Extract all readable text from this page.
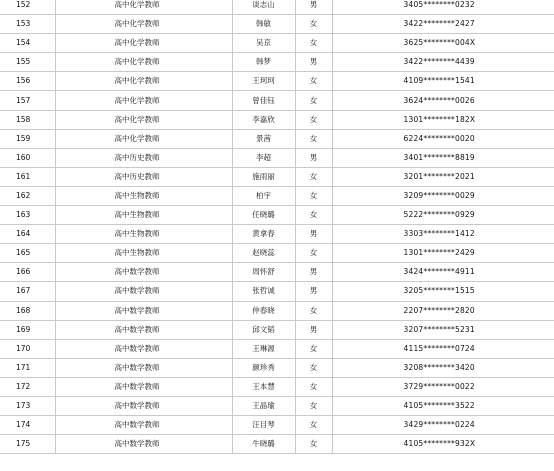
152	高中化学教师	谈志山	男	3405********0232
153	高中化学教师	韩敏	女	3422********2427
154	高中化学教师	吴京	女	3625********004X
155	高中化学教师	韩梦	男	3422********4439
156	高中化学教师	王珂珂	女	4109********1541
157	高中化学教师	曾佳钰	女	3624********0026
158	高中化学教师	李嘉欣	女	1301********182X
159	高中化学教师	景茜	女	6224********0020
160	高中历史教师	李超	男	3401********8819
161	高中历史教师	施雨丽	女	3201********2021
162	高中生物教师	柏宇	女	3209********0029
163	高中生物教师	任晓璐	女	5222********0929
164	高中生物教师	黄拿春	男	3303********1412
165	高中生物教师	赵晓蕊	女	1301********2429
166	高中数学教师	周怀舒	男	3424********4911
167	高中数学教师	张哲诚	男	3205********1515
168	高中数学教师	仲春晓	女	2207********2820
169	高中数学教师	邱文韬	男	3207********5231
170	高中数学教师	王琳源	女	4115********0724
171	高中数学教师	颜珍秀	女	3208********3420
172	高中数学教师	王本慧	女	3729********0022
173	高中数学教师	王晶瑜	女	4105********3522
174	高中数学教师	汪目琴	女	3429********0224
175	高中数学教师	牛晓璐	女	4105********932X
